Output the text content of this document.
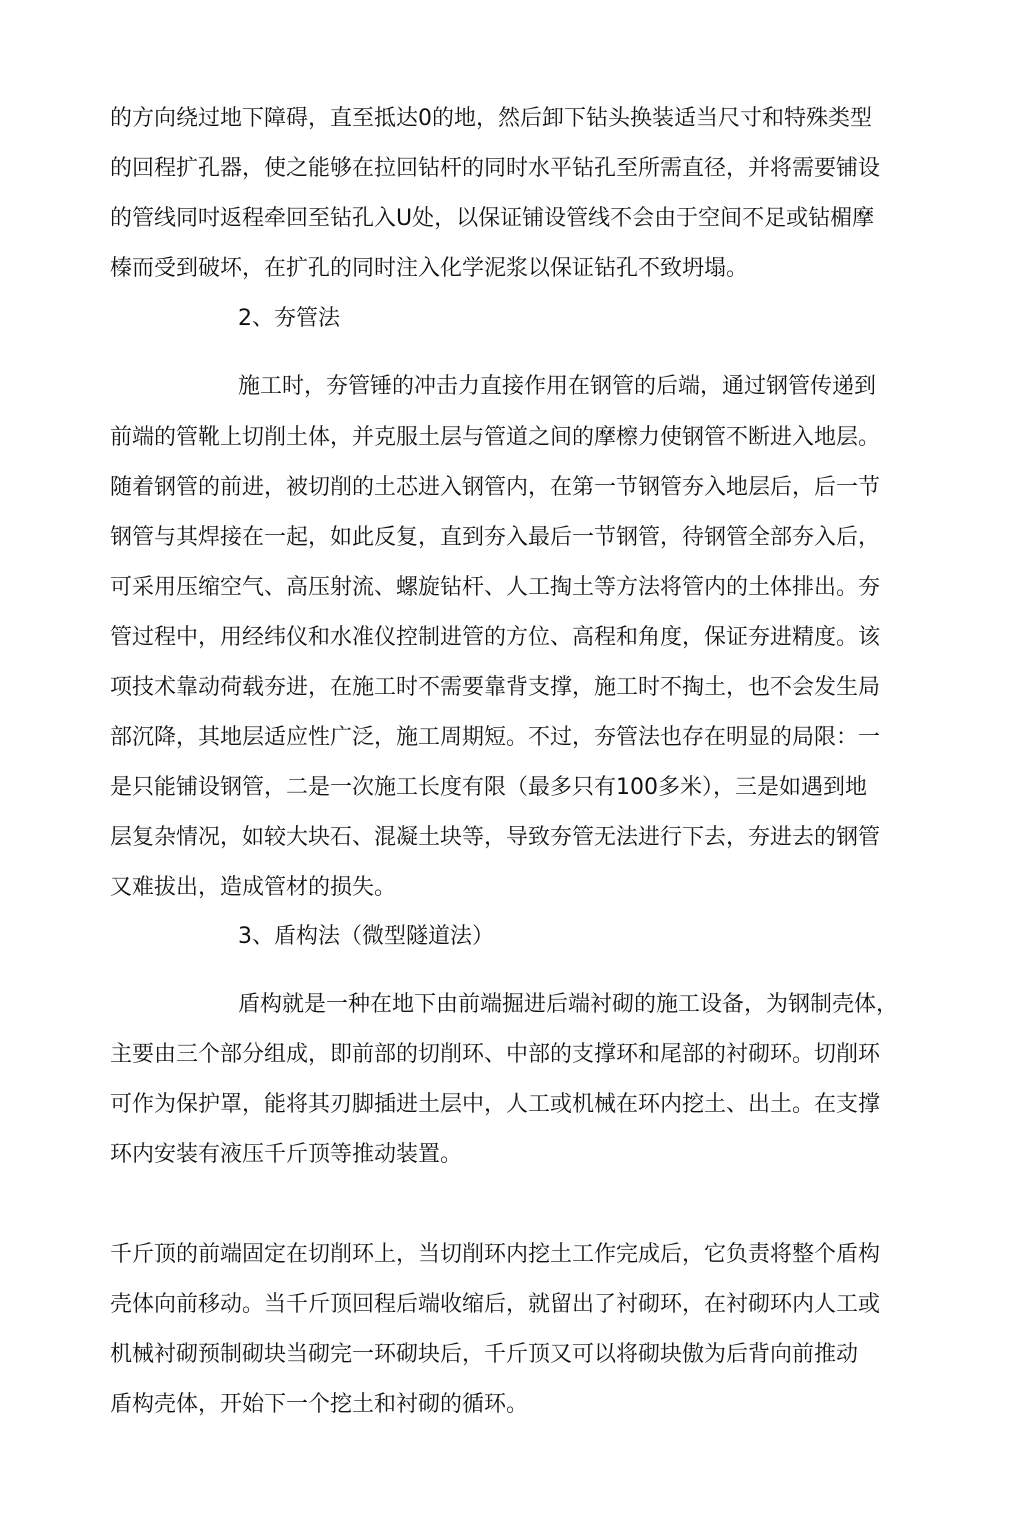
的方向绕过地下障碍，直至抵达0的地，然后卸下钻头换装适当尺寸和特殊类型
的回程扩孔器，使之能够在拉回钻杆的同时水平钻孔至所需直径，并将需要铺设
的管线同吋返程牵回至钻孔入U处，以保证铺设管线不会由于空间不足或钻楣摩
榛而受到破坏，在扩孔的同时注入化学泥浆以保证钻孔不致坍塌。
2、夯管法
施工时，夯管锤的冲击力直接作用在钢管的后端，通过钢管传递到
前端的管靴上切削土体，并克服土层与管道之间的摩檫力使钢管不断进入地层。
随着钢管的前进，被切削的土芯进入钢管内，在第一节钢管夯入地层后，后一节
钢管与其焊接在一起，如此反复，直到夯入最后一节钢管，待钢管全部夯入后，
可采用压缩空气、高压射流、螺旋钻杆、人工掏土等方法将管内的土体排出。夯
管过程中，用经纬仪和水准仪控制进管的方位、高程和角度，保证夯进精度。该
项技术靠动荷载夯进，在施工时不需要靠背支撑，施工时不掏土，也不会发生局
部沉降，其地层适应性广泛，施工周期短。不过，夯管法也存在明显的局限：一
是只能铺设钢管，二是一次施工长度有限（最多只有100多米），三是如遇到地
层复杂情况，如较大块石、混凝土块等，导致夯管无法进行下去，夯进去的钢管
又难拔出，造成管材的损失。
3、盾构法（微型隧道法）
盾构就是一种在地下由前端掘进后端衬砌的施工设备，为钢制壳体，
主要由三个部分组成，即前部的切削环、中部的支撑环和尾部的衬砌环。切削环
可作为保护罩，能将其刃脚插进土层中，人工或机械在环内挖土、出土。在支撑
环内安装有液压千斤顶等推动装置。
千斤顶的前端固定在切削环上，当切削环内挖土工作完成后，它负责将整个盾构
壳体向前移动。当千斤顶回程后端收缩后，就留出了衬砌环，在衬砌环内人工或
机械衬砌预制砌块当砌完一环砌块后，千斤顶又可以将砌块傲为后背向前推动
盾构壳体，开始下一个挖土和衬砌的循环。
